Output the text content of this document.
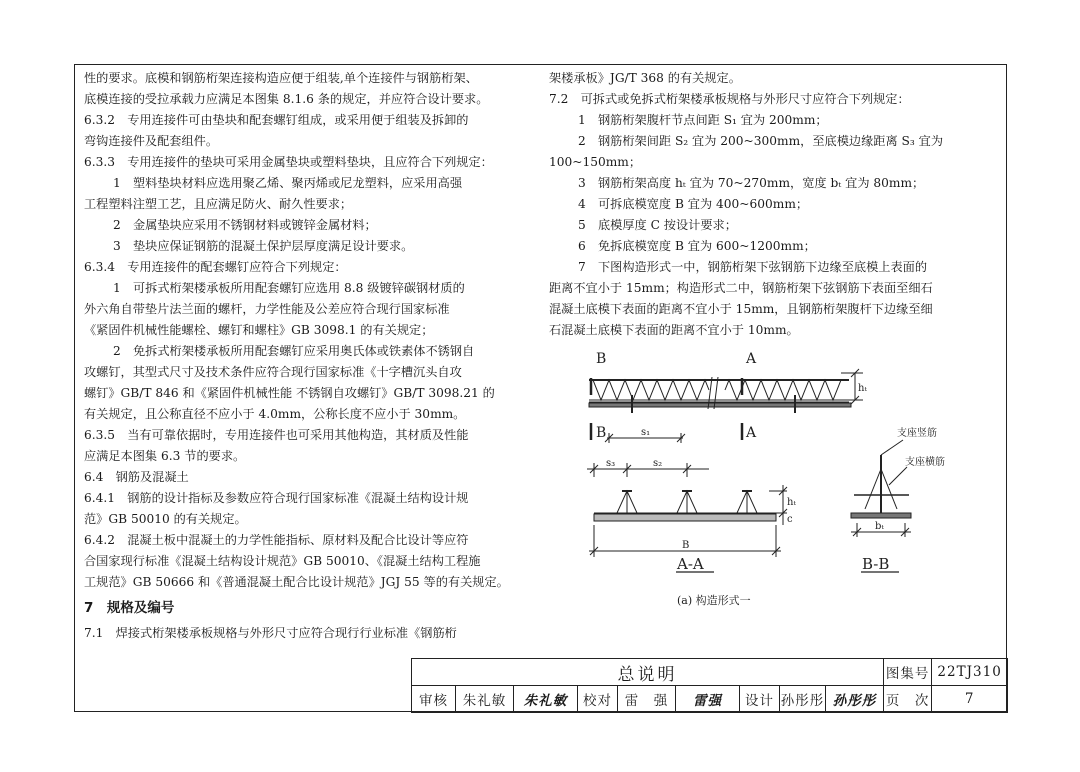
性的要求。底模和钢筋桁架连接构造应便于组装,单个连接件与钢筋桁架、

底模连接的受拉承载力应满足本图集 8.1.6 条的规定，并应符合设计要求。

6.3.2　专用连接件可由垫块和配套螺钉组成，或采用便于组装及拆卸的

弯钩连接件及配套组件。

6.3.3　专用连接件的垫块可采用金属垫块或塑料垫块，且应符合下列规定：

1　塑料垫块材料应选用聚乙烯、聚丙烯或尼龙塑料，应采用高强

工程塑料注塑工艺，且应满足防火、耐久性要求；

2　金属垫块应采用不锈钢材料或镀锌金属材料；

3　垫块应保证钢筋的混凝土保护层厚度满足设计要求。

6.3.4　专用连接件的配套螺钉应符合下列规定：

1　可拆式桁架楼承板所用配套螺钉应选用 8.8 级镀锌碳钢材质的

外六角自带垫片法兰面的螺杆，力学性能及公差应符合现行国家标准

《紧固件机械性能螺栓、螺钉和螺柱》GB 3098.1 的有关规定；

2　免拆式桁架楼承板所用配套螺钉应采用奥氏体或铁素体不锈钢自

攻螺钉，其型式尺寸及技术条件应符合现行国家标准《十字槽沉头自攻

螺钉》GB/T 846 和《紧固件机械性能 不锈钢自攻螺钉》GB/T 3098.21 的

有关规定，且公称直径不应小于 4.0mm，公称长度不应小于 30mm。

6.3.5　当有可靠依据时，专用连接件也可采用其他构造，其材质及性能

应满足本图集 6.3 节的要求。

6.4　钢筋及混凝土

6.4.1　钢筋的设计指标及参数应符合现行国家标准《混凝土结构设计规

范》GB 50010 的有关规定。

6.4.2　混凝土板中混凝土的力学性能指标、原材料及配合比设计等应符

合国家现行标准《混凝土结构设计规范》GB 50010、《混凝土结构工程施

工规范》GB 50666 和《普通混凝土配合比设计规范》JGJ 55 等的有关规定。

7　规格及编号

7.1　焊接式桁架楼承板规格与外形尺寸应符合现行行业标准《钢筋桁

架楼承板》JG/T 368 的有关规定。

7.2　可拆式或免拆式桁架楼承板规格与外形尺寸应符合下列规定：

1　钢筋桁架腹杆节点间距 S₁ 宜为 200mm；

2　钢筋桁架间距 S₂ 宜为 200~300mm，至底模边缘距离 S₃ 宜为

100~150mm；

3　钢筋桁架高度 hₜ 宜为 70~270mm，宽度 bₜ 宜为 80mm；

4　可拆底模宽度 B 宜为 400~600mm；

5　底模厚度 C 按设计要求；

6　免拆底模宽度 B 宜为 600~1200mm；

7　下图构造形式一中，钢筋桁架下弦钢筋下边缘至底模上表面的

距离不宜小于 15mm；构造形式二中，钢筋桁架下弦钢筋下表面至细石

混凝土底模下表面的距离不宜小于 15mm，且钢筋桁架腹杆下边缘至细

石混凝土底模下表面的距离不宜小于 10mm。

B	A
B	A
hₜ
s₁
s₃	s₂
hₜ
c
B
bₜ
支座竖筋
支座横筋
A-A	B-B
(a) 构造形式一
总说明									图集号	22TJ310
审核	朱礼敏	朱礼敏	校对	雷　强	雷强	设计	孙彤彤	孙彤彤	页　次	7
